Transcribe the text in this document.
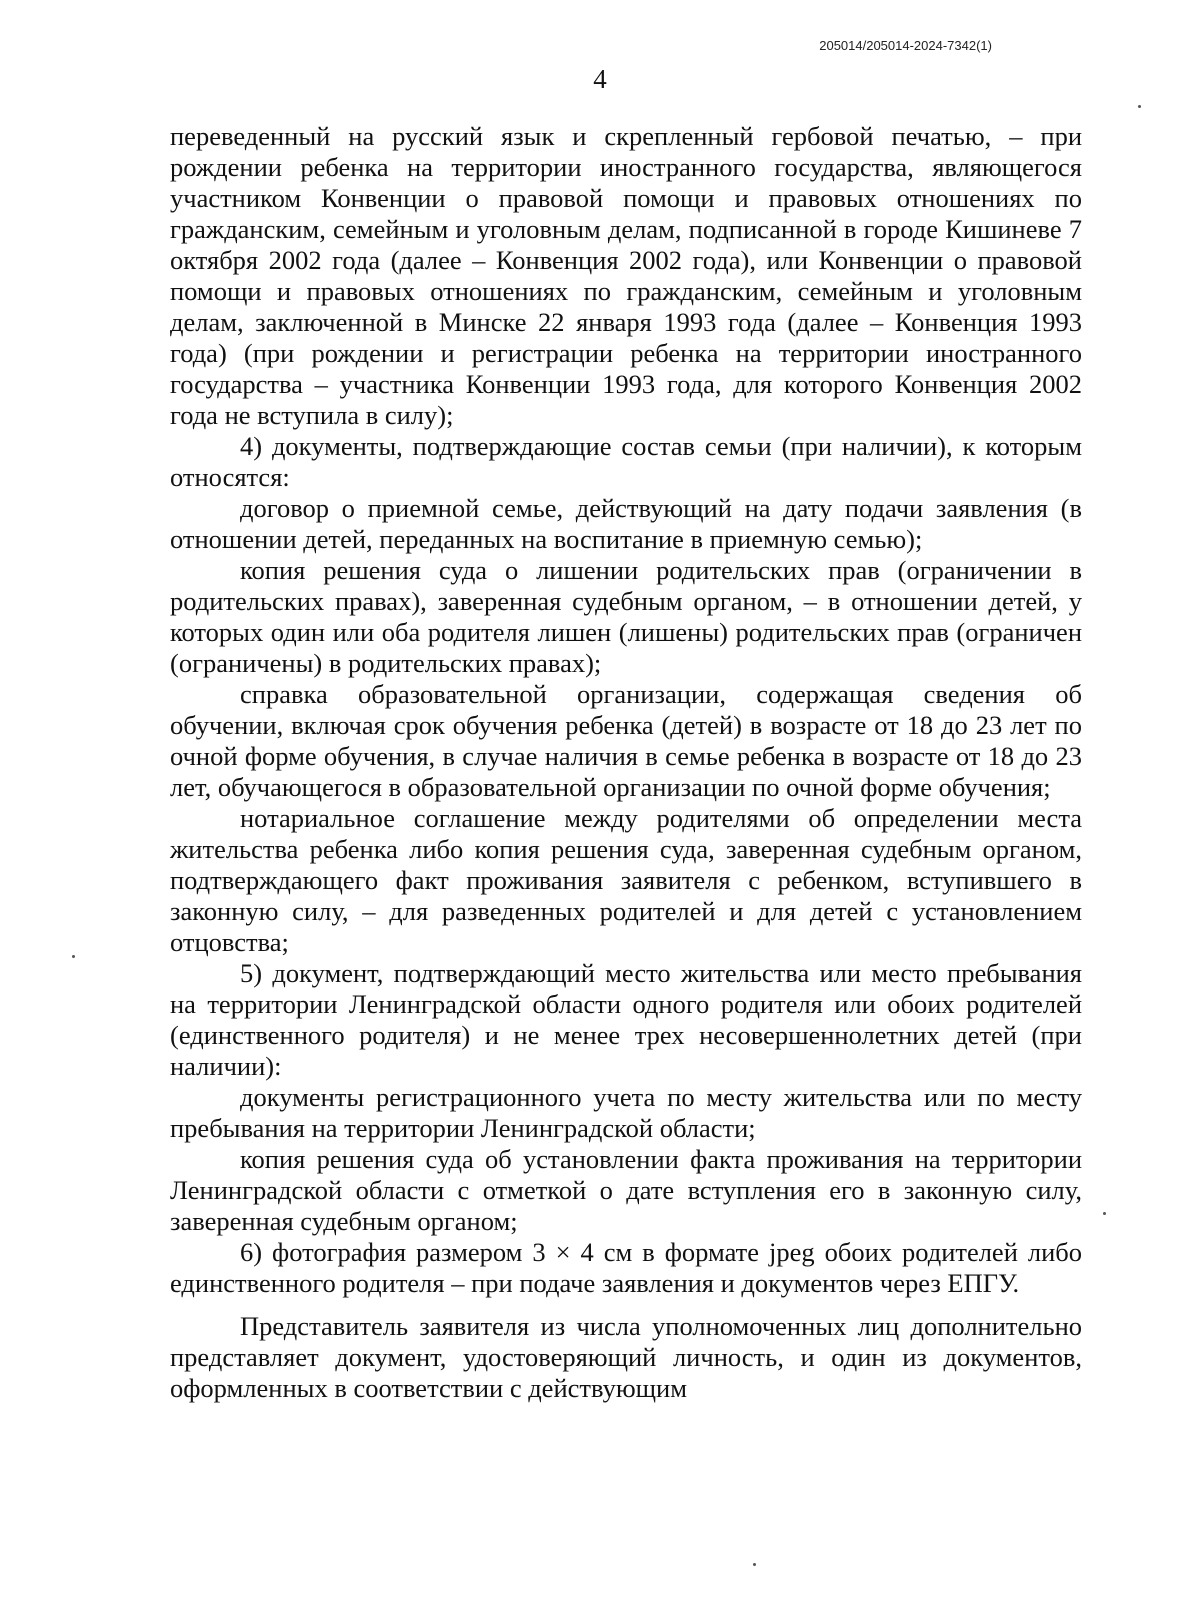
205014/205014-2024-7342(1)
4

переведенный на русский язык и скрепленный гербовой печатью, – при рождении ребенка на территории иностранного государства, являющегося участником Конвенции о правовой помощи и правовых отношениях по гражданским, семейным и уголовным делам, подписанной в городе Кишиневе 7 октября 2002 года (далее – Конвенция 2002 года), или Конвенции о правовой помощи и правовых отношениях по гражданским, семейным и уголовным делам, заключенной в Минске 22 января 1993 года (далее – Конвенция 1993 года) (при рождении и регистрации ребенка на территории иностранного государства – участника Конвенции 1993 года, для которого Конвенция 2002 года не вступила в силу);

4) документы, подтверждающие состав семьи (при наличии), к которым относятся:

договор о приемной семье, действующий на дату подачи заявления (в отношении детей, переданных на воспитание в приемную семью);

копия решения суда о лишении родительских прав (ограничении в родительских правах), заверенная судебным органом, – в отношении детей, у которых один или оба родителя лишен (лишены) родительских прав (ограничен (ограничены) в родительских правах);

справка образовательной организации, содержащая сведения об обучении, включая срок обучения ребенка (детей) в возрасте от 18 до 23 лет по очной форме обучения, в случае наличия в семье ребенка в возрасте от 18 до 23 лет, обучающегося в образовательной организации по очной форме обучения;

нотариальное соглашение между родителями об определении места жительства ребенка либо копия решения суда, заверенная судебным органом, подтверждающего факт проживания заявителя с ребенком, вступившего в законную силу, – для разведенных родителей и для детей с установлением отцовства;

5) документ, подтверждающий место жительства или место пребывания на территории Ленинградской области одного родителя или обоих родителей (единственного родителя) и не менее трех несовершеннолетних детей (при наличии):

документы регистрационного учета по месту жительства или по месту пребывания на территории Ленинградской области;

копия решения суда об установлении факта проживания на территории Ленинградской области с отметкой о дате вступления его в законную силу, заверенная судебным органом;

6) фотография размером 3 × 4 см в формате jpeg обоих родителей либо единственного родителя – при подаче заявления и документов через ЕПГУ.

Представитель заявителя из числа уполномоченных лиц дополнительно представляет документ, удостоверяющий личность, и один из документов, оформленных в соответствии с действующим
